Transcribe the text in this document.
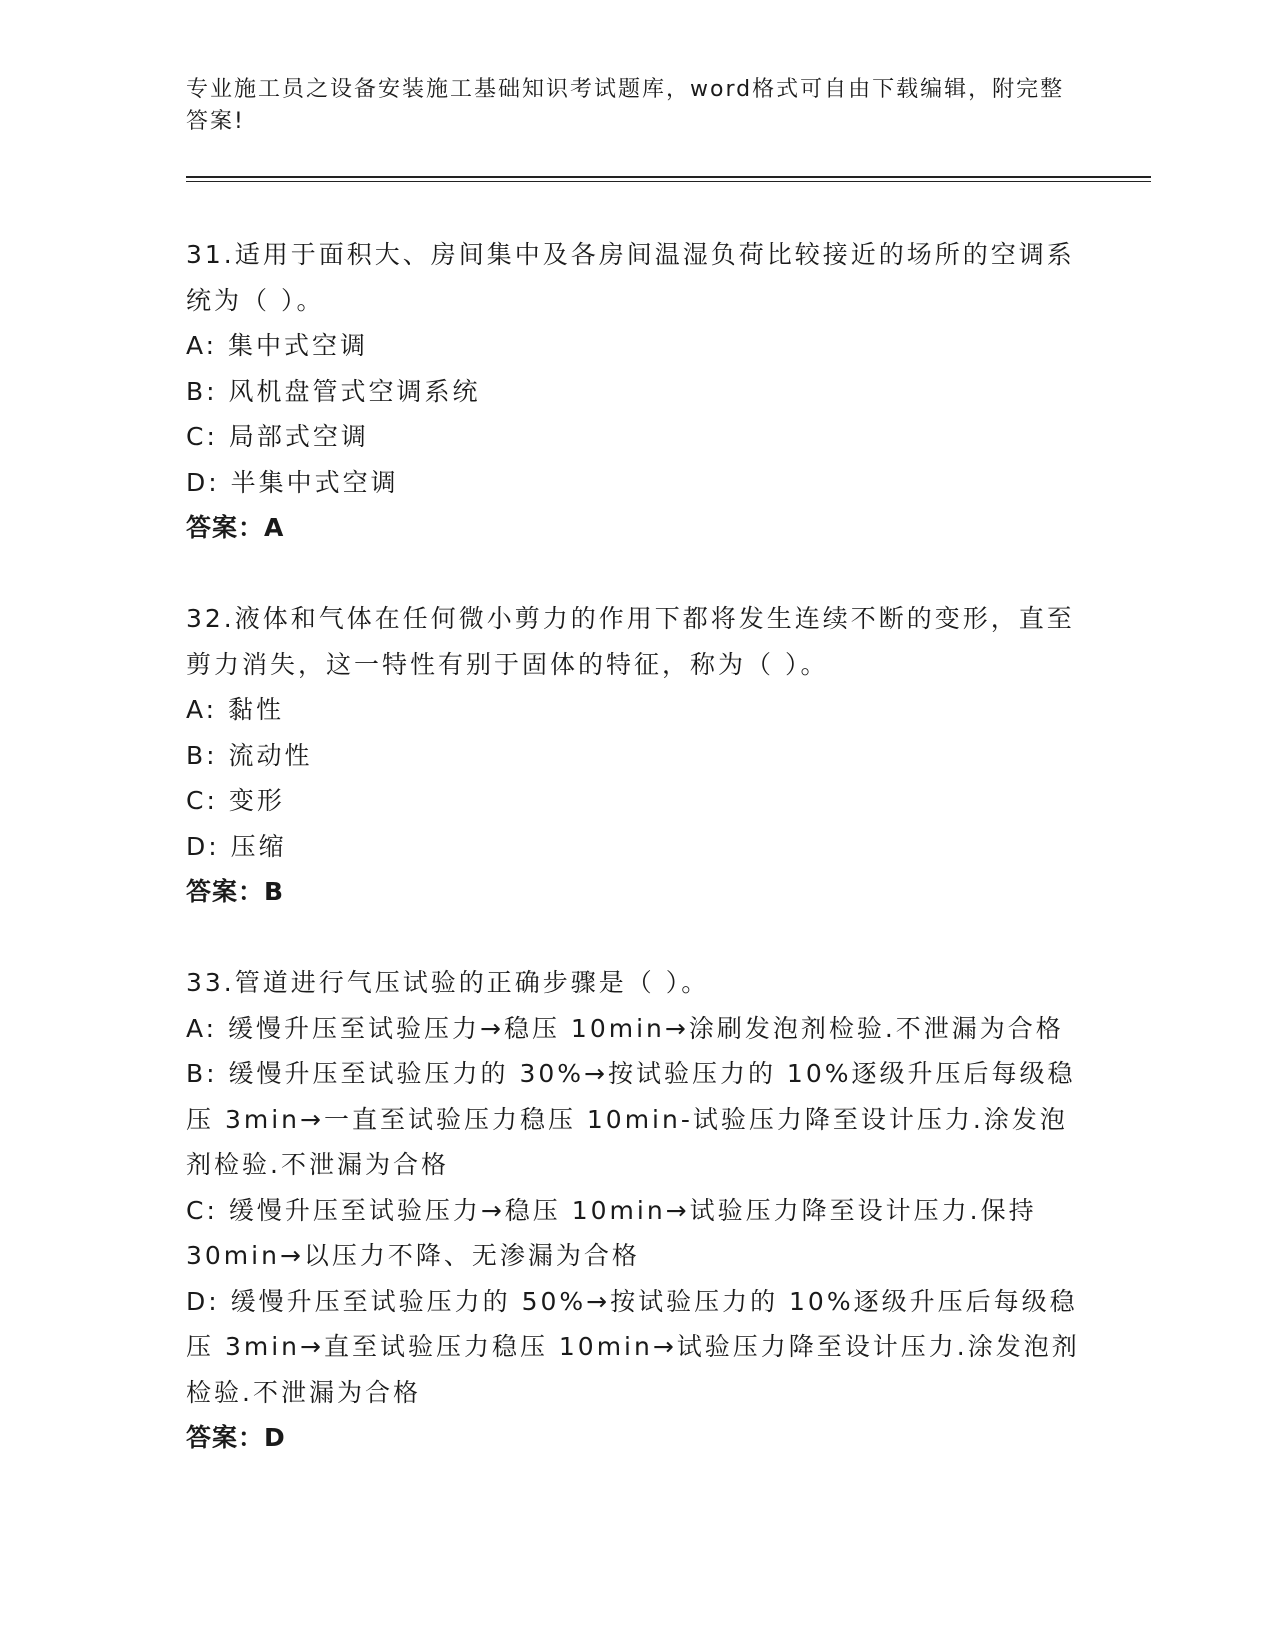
专业施工员之设备安装施工基础知识考试题库，word格式可自由下载编辑，附完整答案!
31.适用于面积大、房间集中及各房间温湿负荷比较接近的场所的空调系统为（ ）。
A: 集中式空调
B: 风机盘管式空调系统
C: 局部式空调
D: 半集中式空调
答案：A
32.液体和气体在任何微小剪力的作用下都将发生连续不断的变形，直至剪力消失，这一特性有别于固体的特征，称为（ ）。
A: 黏性
B: 流动性
C: 变形
D: 压缩
答案：B
33.管道进行气压试验的正确步骤是（ ）。
A: 缓慢升压至试验压力→稳压 10min→涂刷发泡剂检验.不泄漏为合格
B: 缓慢升压至试验压力的 30%→按试验压力的 10%逐级升压后每级稳压 3min→一直至试验压力稳压 10min-试验压力降至设计压力.涂发泡剂检验.不泄漏为合格
C: 缓慢升压至试验压力→稳压 10min→试验压力降至设计压力.保持 30min→以压力不降、无渗漏为合格
D: 缓慢升压至试验压力的 50%→按试验压力的 10%逐级升压后每级稳压 3min→直至试验压力稳压 10min→试验压力降至设计压力.涂发泡剂检验.不泄漏为合格
答案：D
